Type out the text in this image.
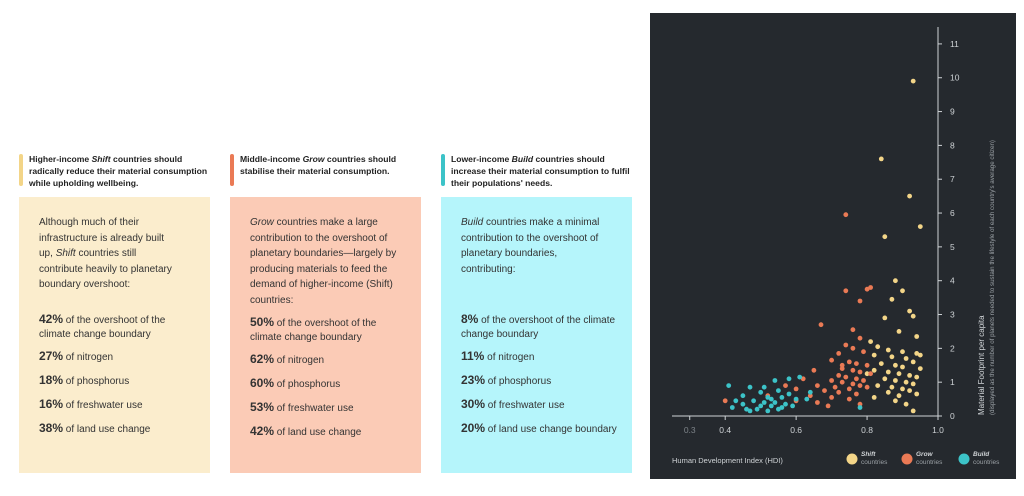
Higher-income Shift countries should radically reduce their material consumption while upholding wellbeing.
Although much of their infrastructure is already built up, Shift countries still contribute heavily to planetary boundary overshoot:
42% of the overshoot of the climate change boundary
27% of nitrogen
18% of phosphorus
16% of freshwater use
38% of land use change
Middle-income Grow countries should stabilise their material consumption.
Grow countries make a large contribution to the overshoot of planetary boundaries—largely by producing materials to feed the demand of higher-income (Shift) countries:
50% of the overshoot of the climate change boundary
62% of nitrogen
60% of phosphorus
53% of freshwater use
42% of land use change
Lower-income Build countries should increase their material consumption to fulfil their populations' needs.
Build countries make a minimal contribution to the overshoot of planetary boundaries, contributing:
8% of the overshoot of the climate change boundary
11% of nitrogen
23% of phosphorus
30% of freshwater use
20% of land use change boundary
0
1
2
3
4
5
6
7
8
9
10
11
0.3	0.4	0.6	0.8	1.0
Human Development Index (HDI)
Material Footprint per capita (displayed as the number of planets needed to sustain the lifestyle of each country's average citizen)
Shift
countries
Grow
countries
Build
countries
